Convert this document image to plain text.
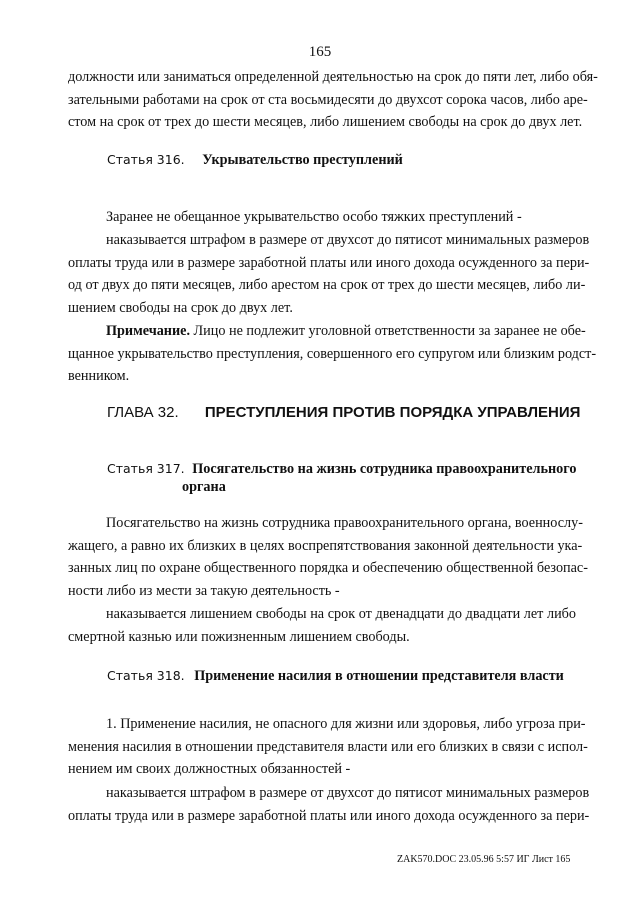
165
должности или заниматься определенной деятельностью на срок до пяти лет, либо обя-
зательными работами на срок от ста восьмидесяти до двухсот сорока часов, либо аре-
стом на срок от трех до шести месяцев, либо лишением свободы на срок до двух лет.
Статья 316. Укрывательство преступлений
Заранее не обещанное укрывательство особо тяжких преступлений -
наказывается штрафом в размере от двухсот до пятисот минимальных размеров
оплаты труда или в размере заработной платы или иного дохода осужденного за пери-
од от двух до пяти месяцев, либо арестом на срок от трех до шести месяцев, либо ли-
шением свободы на срок до двух лет.
Примечание. Лицо не подлежит уголовной ответственности за заранее не обе-
щанное укрывательство преступления, совершенного его супругом или близким родст-
венником.
ГЛАВА 32. ПРЕСТУПЛЕНИЯ ПРОТИВ ПОРЯДКА УПРАВЛЕНИЯ
Статья 317. Посягательство на жизнь сотрудника правоохранительного
органа
Посягательство на жизнь сотрудника правоохранительного органа, военнослу-
жащего, а равно их близких в целях воспрепятствования законной деятельности ука-
занных лиц по охране общественного порядка и обеспечению общественной безопас-
ности либо из мести за такую деятельность -
наказывается лишением свободы на срок от двенадцати до двадцати лет либо
смертной казнью или пожизненным лишением свободы.
Статья 318. Применение насилия в отношении представителя власти
1. Применение насилия, не опасного для жизни или здоровья, либо угроза при-
менения насилия в отношении представителя власти или его близких в связи с испол-
нением им своих должностных обязанностей -
наказывается штрафом в размере от двухсот до пятисот минимальных размеров
оплаты труда или в размере заработной платы или иного дохода осужденного за пери-
ZAK570.DOC 23.05.96 5:57 ИГ Лист 165
